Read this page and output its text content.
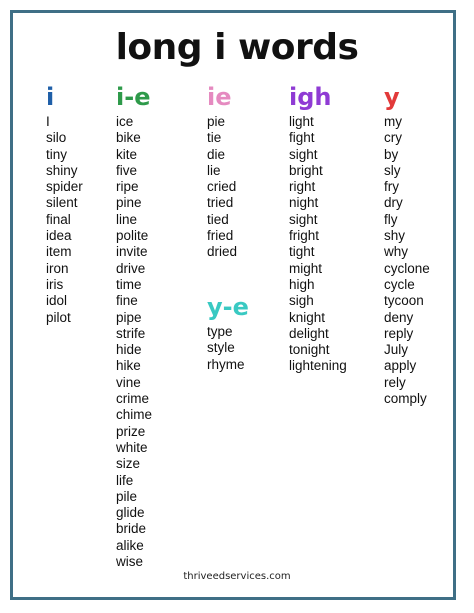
long i words
i
I
silo
tiny
shiny
spider
silent
final
idea
item
iron
iris
idol
pilot
i-e
ice
bike
kite
five
ripe
pine
line
polite
invite
drive
time
fine
pipe
strife
hide
hike
vine
crime
chime
prize
white
size
life
pile
glide
bride
alike
wise
ie
pie
tie
die
lie
cried
tried
tied
fried
dried
y-e
type
style
rhyme
igh
light
fight
sight
bright
right
night
sight
fright
tight
might
high
sigh
knight
delight
tonight
lightening
y
my
cry
by
sly
fry
dry
fly
shy
why
cyclone
cycle
tycoon
deny
reply
July
apply
rely
comply
thriveedservices.com
